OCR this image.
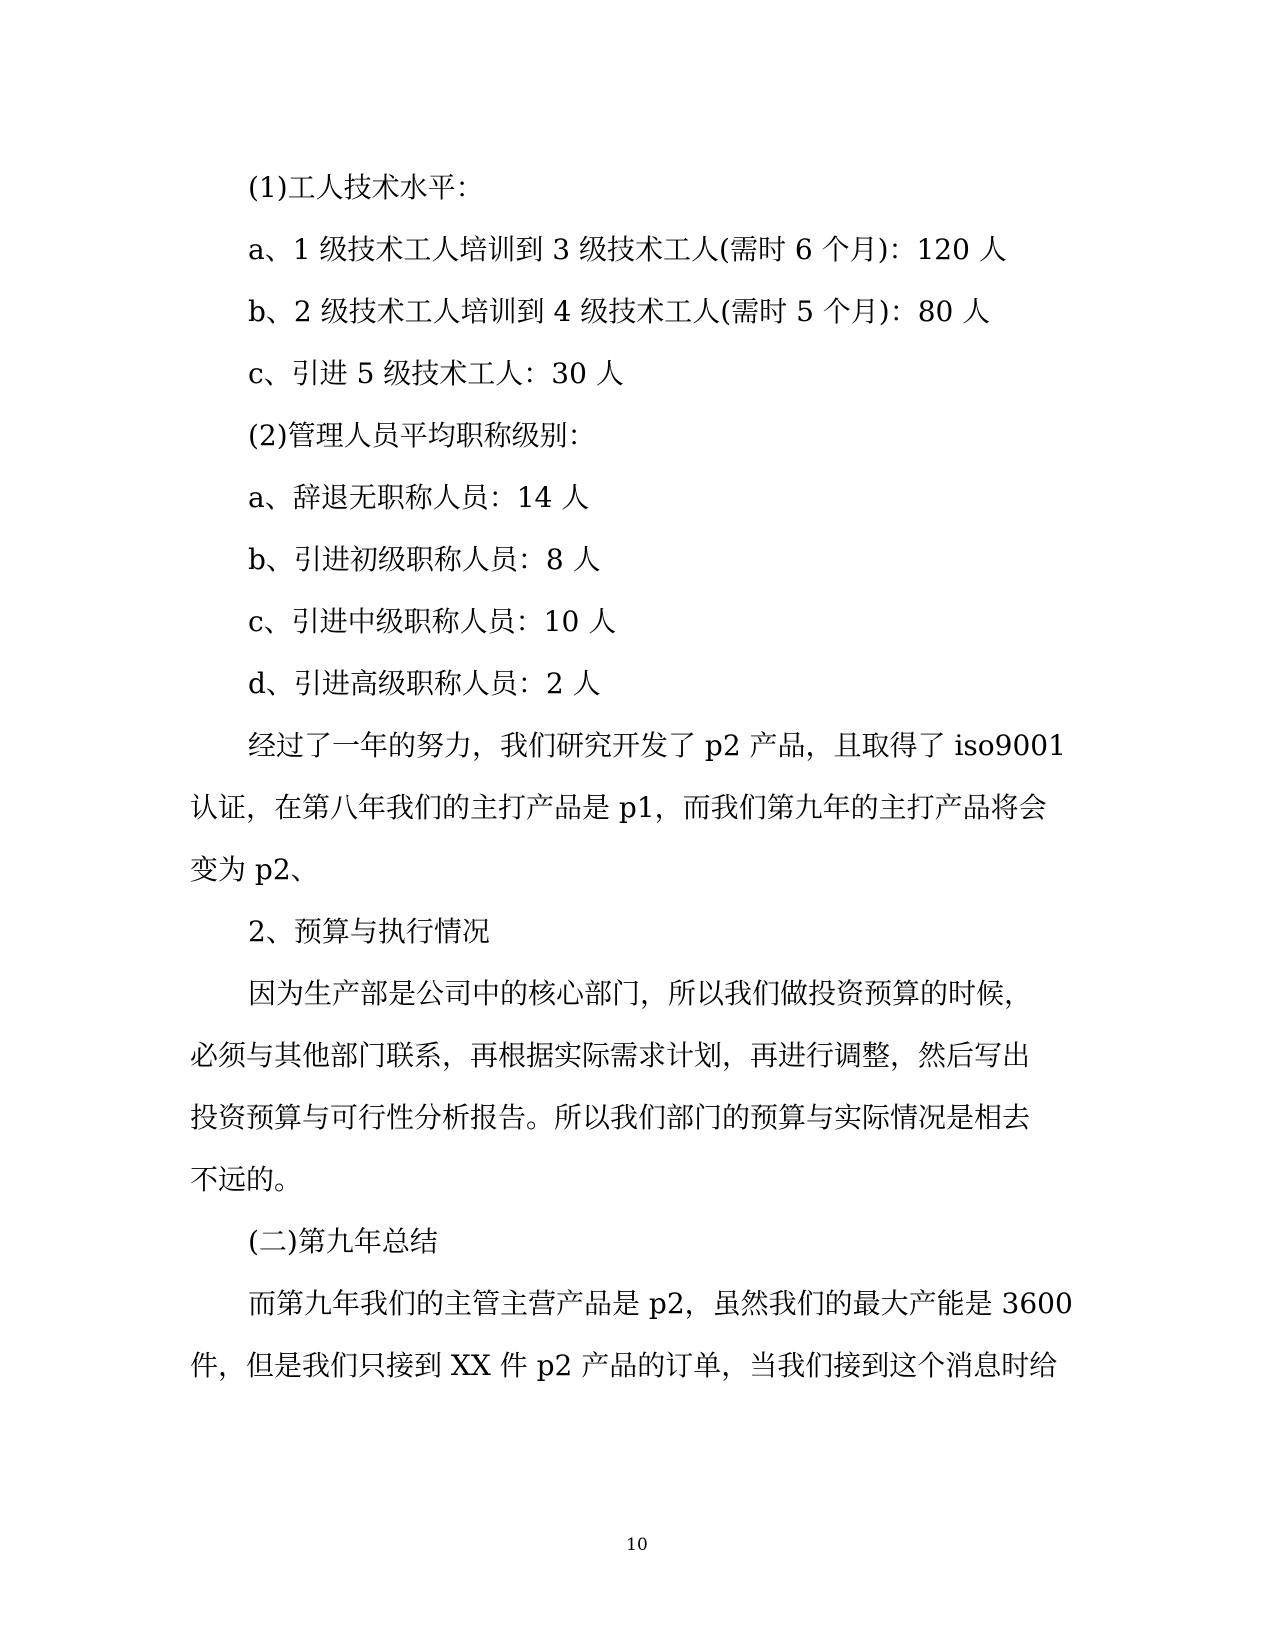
(1)工人技术水平：
a、1 级技术工人培训到 3 级技术工人(需时 6 个月)：120 人
b、2 级技术工人培训到 4 级技术工人(需时 5 个月)：80 人
c、引进 5 级技术工人：30 人
(2)管理人员平均职称级别：
a、辞退无职称人员：14 人
b、引进初级职称人员：8 人
c、引进中级职称人员：10 人
d、引进高级职称人员：2 人
经过了一年的努力，我们研究开发了 p2 产品，且取得了 iso9001
认证，在第八年我们的主打产品是 p1，而我们第九年的主打产品将会
变为 p2、
2、预算与执行情况
因为生产部是公司中的核心部门，所以我们做投资预算的时候，
必须与其他部门联系，再根据实际需求计划，再进行调整，然后写出
投资预算与可行性分析报告。所以我们部门的预算与实际情况是相去
不远的。
(二)第九年总结
而第九年我们的主管主营产品是 p2，虽然我们的最大产能是 3600
件，但是我们只接到 XX 件 p2 产品的订单，当我们接到这个消息时给
10
